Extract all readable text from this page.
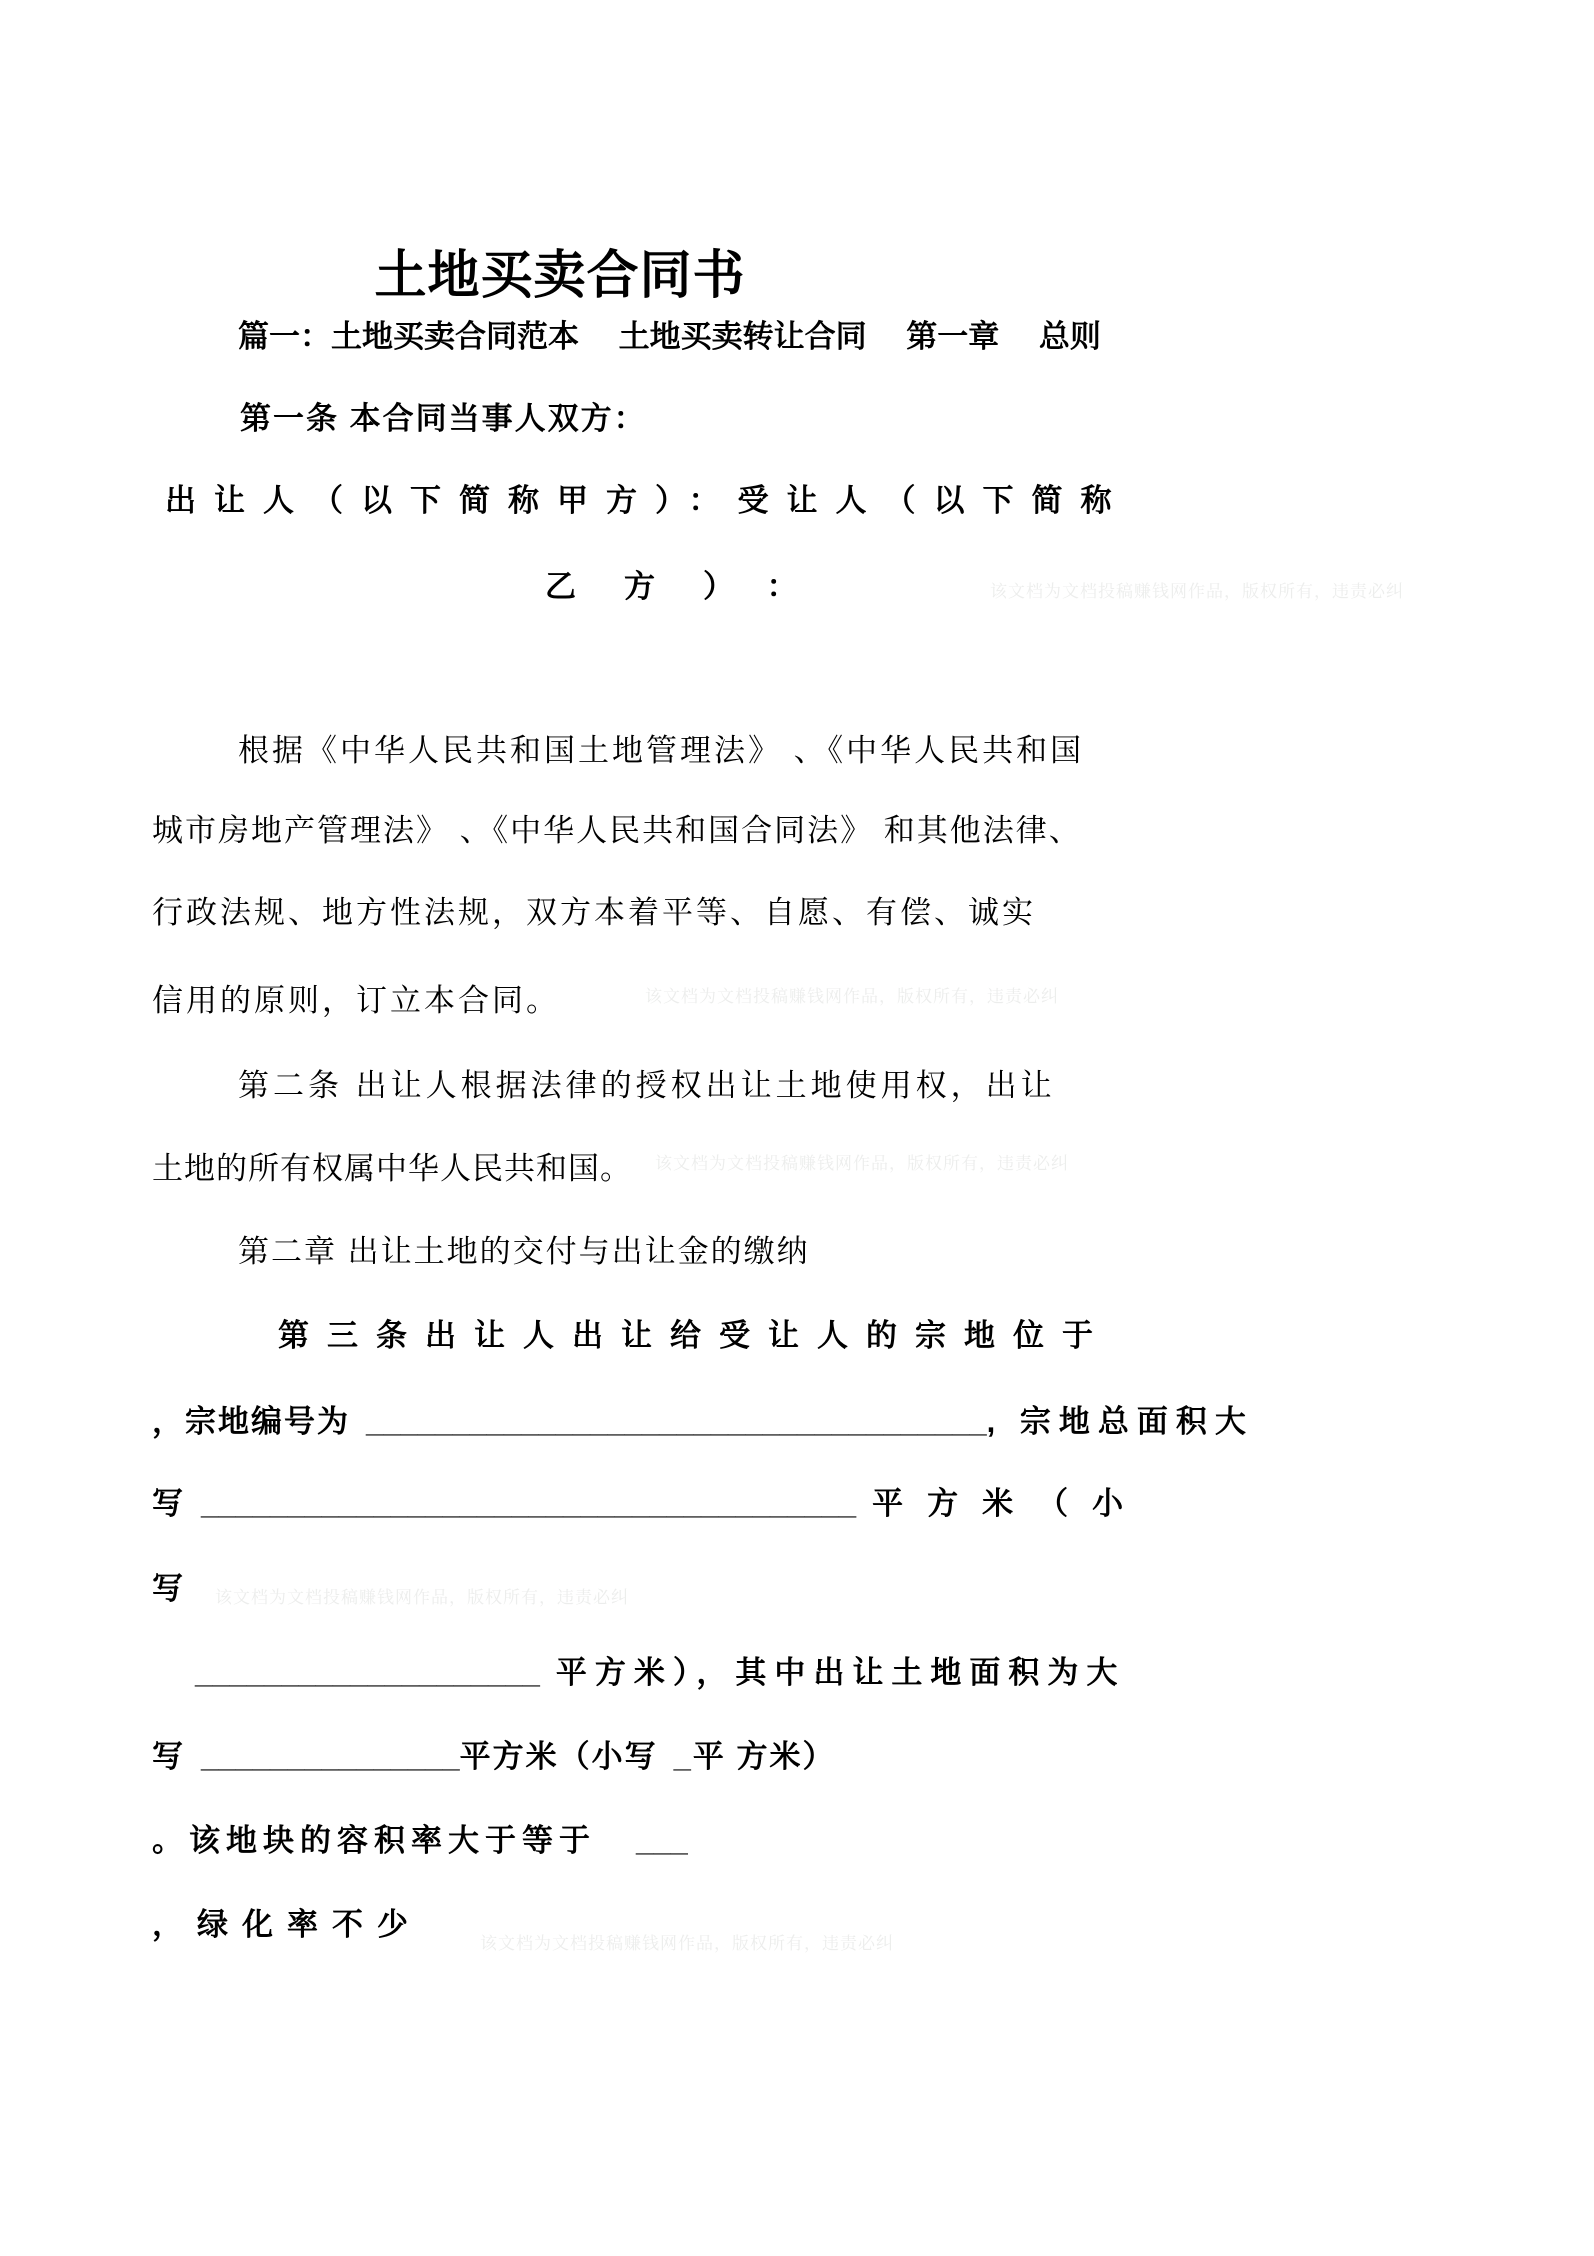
土地买卖合同书
篇一：土地买卖合同范本　 土地买卖转让合同　 第一章　 总则
第一条 本合同当事人双方：
出让人（以下简称甲方）：受让人（以下简称
乙方）：	该文档为文档投稿赚钱网作品，版权所有，违责必纠
根据《中华人民共和国土地管理法》 、《中华人民共和国
城市房地产管理法》 、《中华人民共和国合同法》 和其他法律、
行政法规、地方性法规，双方本着平等、自愿、有偿、诚实
信用的原则，订立本合同。	该文档为文档投稿赚钱网作品，版权所有，违责必纠
第二条 出让人根据法律的授权出让土地使用权，出让
土地的所有权属中华人民共和国。 该文档为文档投稿赚钱网作品，版权所有，违责必纠
第二章 出让土地的交付与出让金的缴纳
第三条出让人出让给受让人的宗地位于
，宗地编号为 ____________________________________, 宗地总面积大
写 ______________________________________ 平方米（小
写 该文档为文档投稿赚钱网作品，版权所有，违责必纠
____________________ 平方米），其中出让土地面积为大
写 _______________平方米（小写 _平 方米）
。该地块的容积率大于等于 ___
，绿化率不少
该文档为文档投稿赚钱网作品，版权所有，违责必纠
